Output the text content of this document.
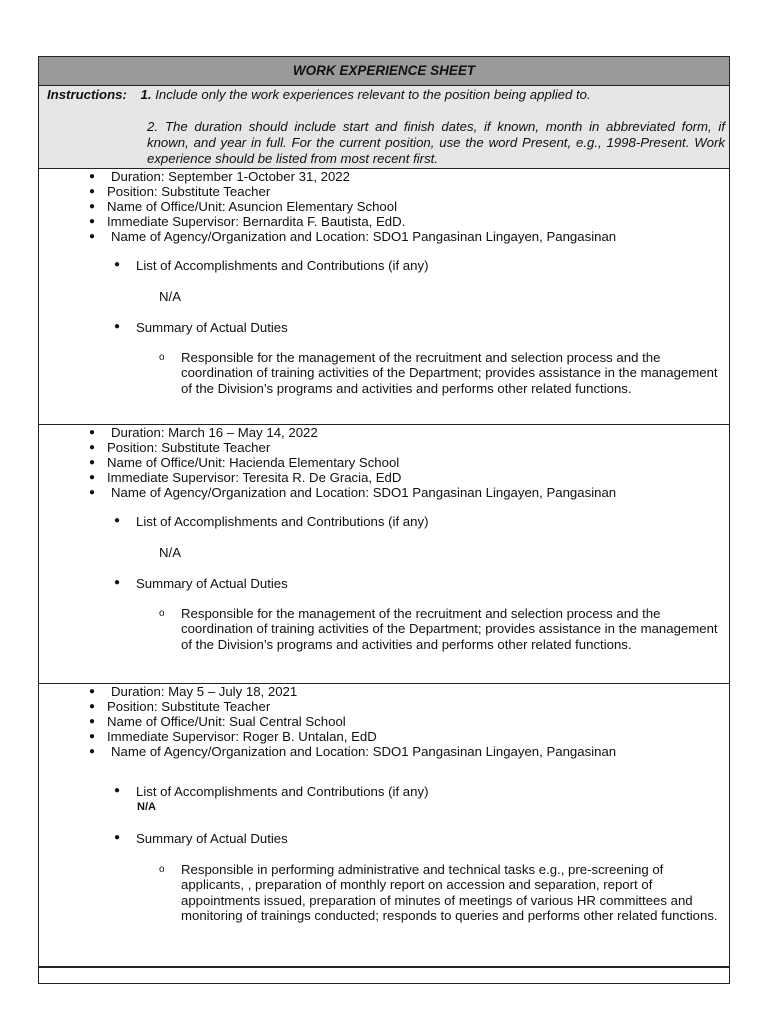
WORK EXPERIENCE SHEET
Instructions: 1. Include only the work experiences relevant to the position being applied to.
2. The duration should include start and finish dates, if known, month in abbreviated form, if known, and year in full. For the current position, use the word Present, e.g., 1998-Present. Work experience should be listed from most recent first.
● Duration: September 1-October 31, 2022
● Position: Substitute Teacher
● Name of Office/Unit: Asuncion Elementary School
● Immediate Supervisor: Bernardita F. Bautista, EdD.
● Name of Agency/Organization and Location: SDO1 Pangasinan Lingayen, Pangasinan
● List of Accomplishments and Contributions (if any)
N/A
● Summary of Actual Duties
o Responsible for the management of the recruitment and selection process and the coordination of training activities of the Department; provides assistance in the management of the Division’s programs and activities and performs other related functions.
● Duration: March 16 – May 14, 2022
● Position: Substitute Teacher
● Name of Office/Unit: Hacienda Elementary School
● Immediate Supervisor: Teresita R. De Gracia, EdD
● Name of Agency/Organization and Location: SDO1 Pangasinan Lingayen, Pangasinan
● List of Accomplishments and Contributions (if any)
N/A
● Summary of Actual Duties
o Responsible for the management of the recruitment and selection process and the coordination of training activities of the Department; provides assistance in the management of the Division’s programs and activities and performs other related functions.
● Duration: May 5 – July 18, 2021
● Position: Substitute Teacher
● Name of Office/Unit: Sual Central School
● Immediate Supervisor: Roger B. Untalan, EdD
● Name of Agency/Organization and Location: SDO1 Pangasinan Lingayen, Pangasinan
● List of Accomplishments and Contributions (if any)
N/A
● Summary of Actual Duties
o Responsible in performing administrative and technical tasks e.g., pre-screening of applicants, , preparation of monthly report on accession and separation, report of appointments issued, preparation of minutes of meetings of various HR committees and monitoring of trainings conducted; responds to queries and performs other related functions.
